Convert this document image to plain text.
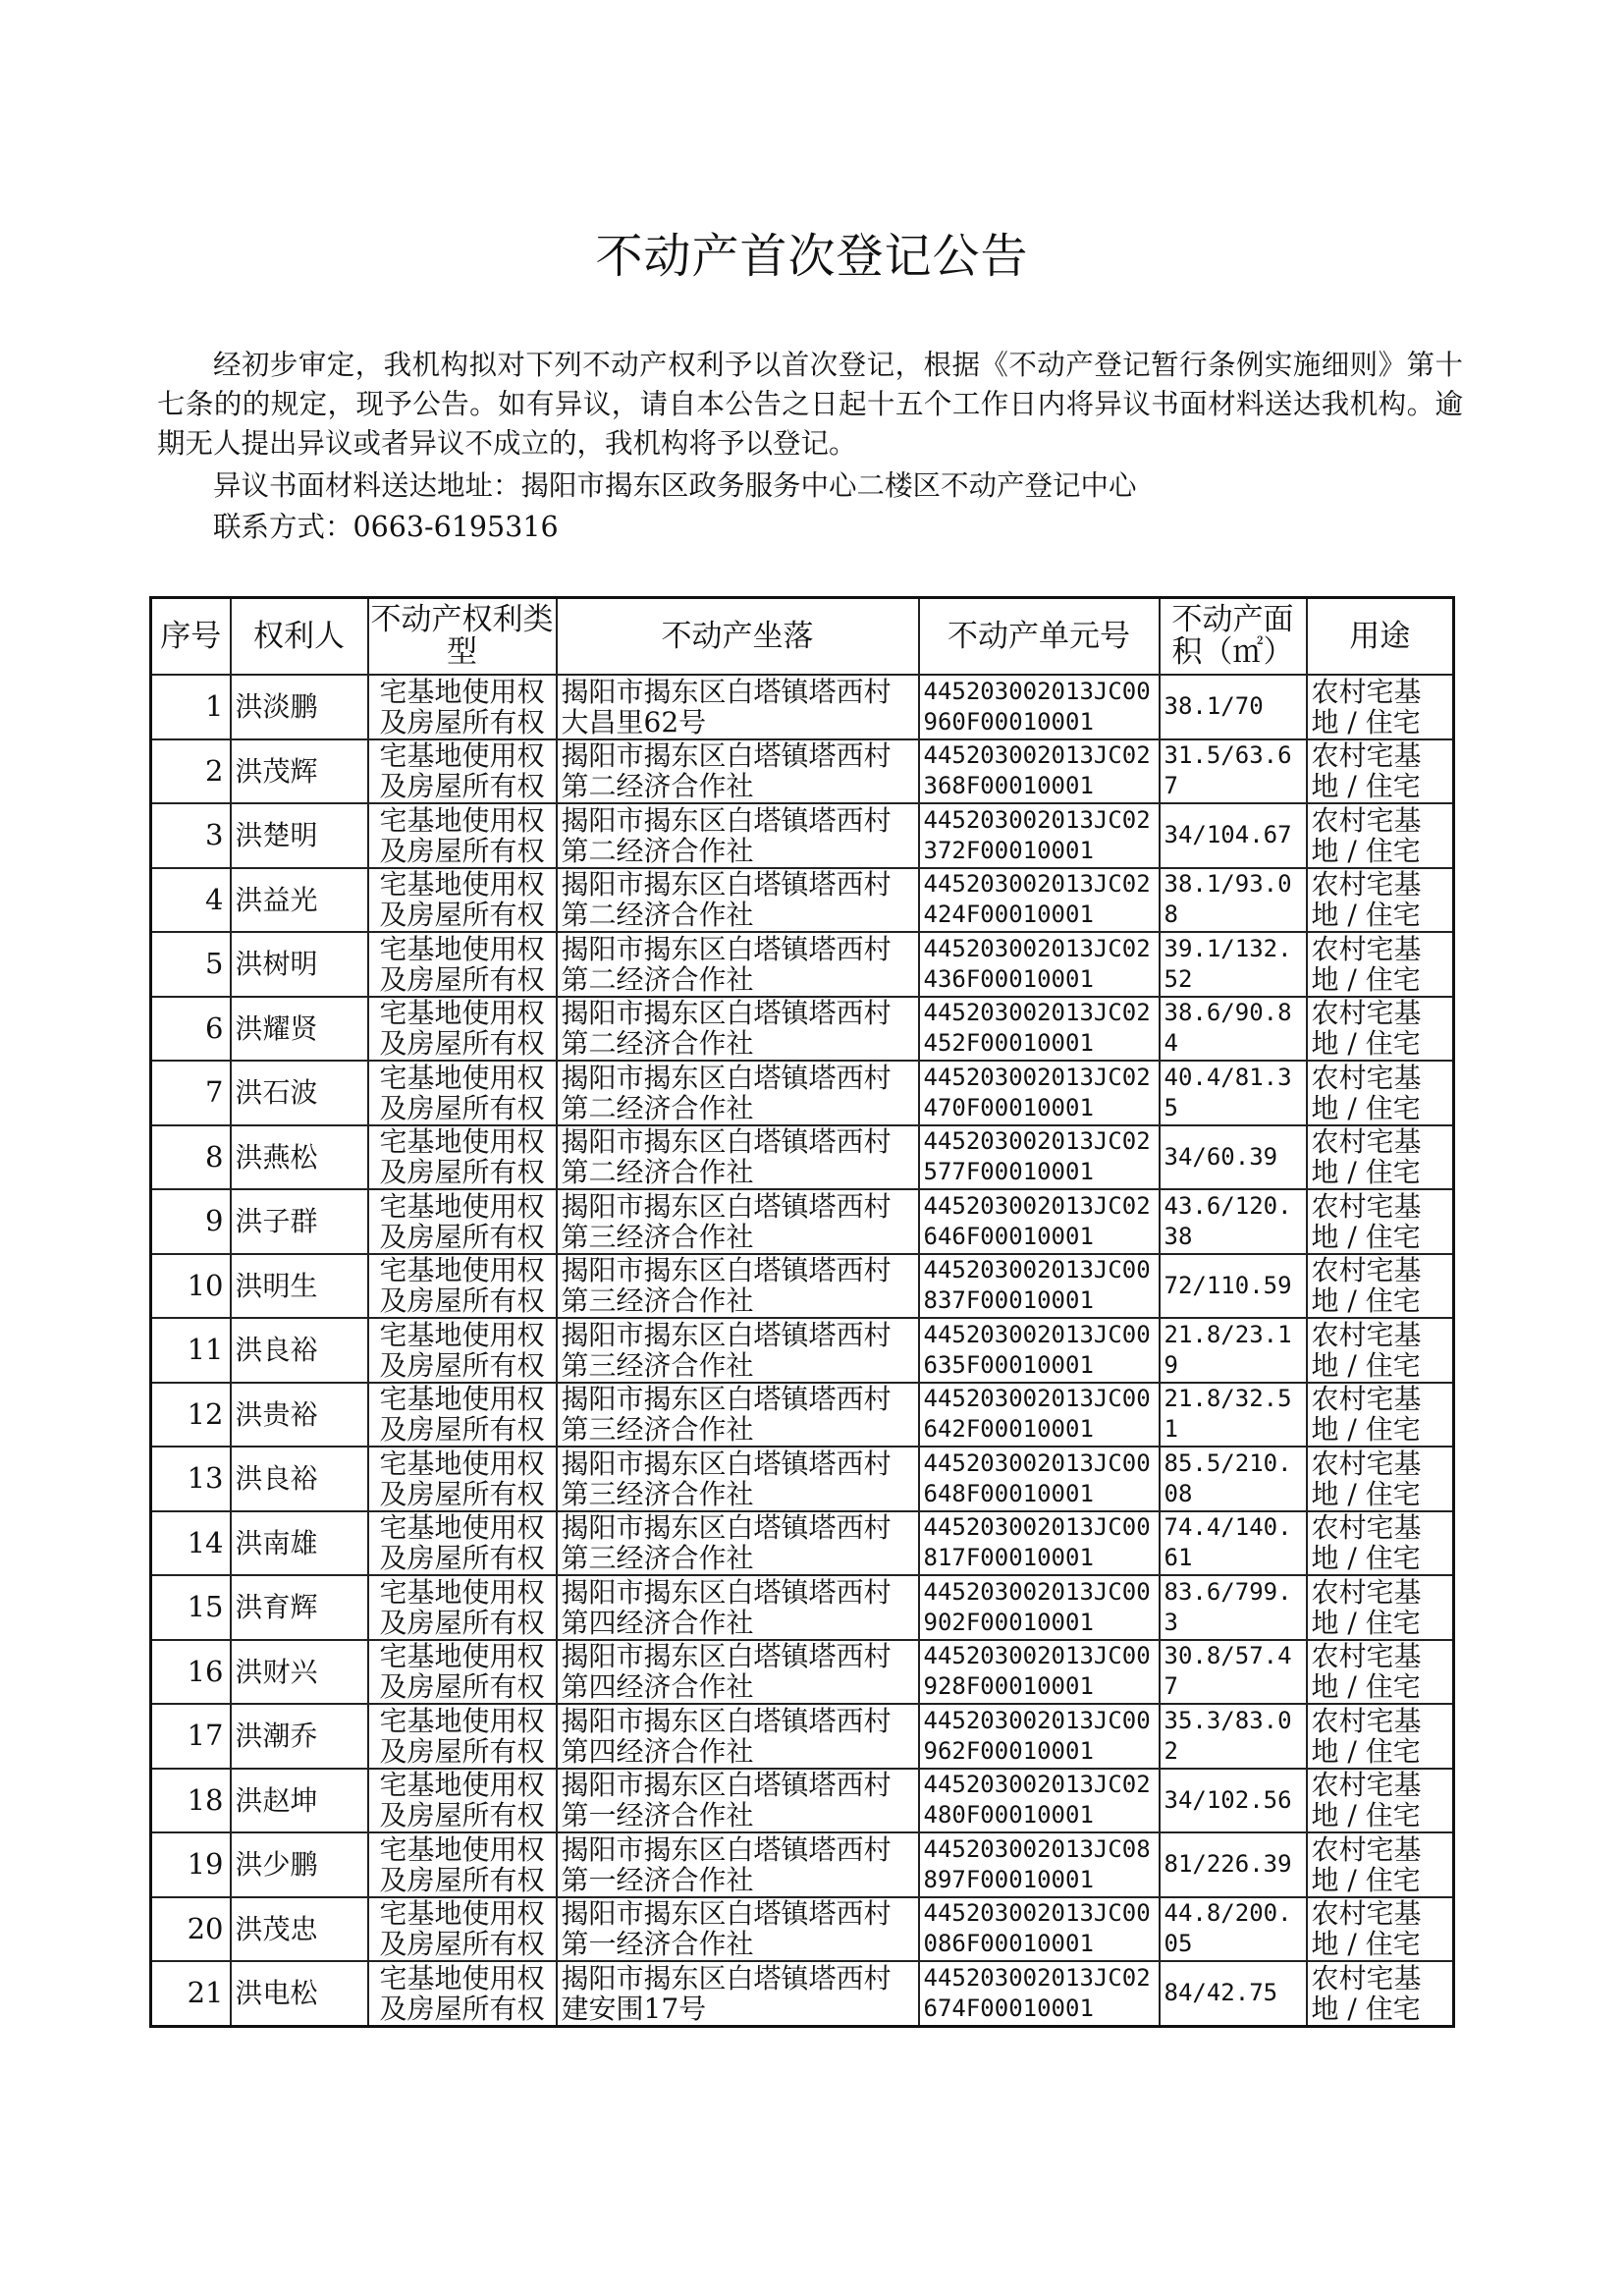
不动产首次登记公告
经初步审定，我机构拟对下列不动产权利予以首次登记，根据《不动产登记暂行条例实施细则》第十七条的的规定，现予公告。如有异议，请自本公告之日起十五个工作日内将异议书面材料送达我机构。逾期无人提出异议或者异议不成立的，我机构将予以登记。
异议书面材料送达地址：揭阳市揭东区政务服务中心二楼区不动产登记中心
联系方式：0663-6195316
序号	权利人	不动产权利类型	不动产坐落	不动产单元号	不动产面积（㎡）	用途
1	洪淡鹏	宅基地使用权及房屋所有权	揭阳市揭东区白塔镇塔西村大昌里62号	445203002013JC00960F00010001	38.1/70	农村宅基地 / 住宅
2	洪茂辉	宅基地使用权及房屋所有权	揭阳市揭东区白塔镇塔西村第二经济合作社	445203002013JC02368F00010001	31.5/63.67	农村宅基地 / 住宅
3	洪楚明	宅基地使用权及房屋所有权	揭阳市揭东区白塔镇塔西村第二经济合作社	445203002013JC02372F00010001	34/104.67	农村宅基地 / 住宅
4	洪益光	宅基地使用权及房屋所有权	揭阳市揭东区白塔镇塔西村第二经济合作社	445203002013JC02424F00010001	38.1/93.08	农村宅基地 / 住宅
5	洪树明	宅基地使用权及房屋所有权	揭阳市揭东区白塔镇塔西村第二经济合作社	445203002013JC02436F00010001	39.1/132.52	农村宅基地 / 住宅
6	洪耀贤	宅基地使用权及房屋所有权	揭阳市揭东区白塔镇塔西村第二经济合作社	445203002013JC02452F00010001	38.6/90.84	农村宅基地 / 住宅
7	洪石波	宅基地使用权及房屋所有权	揭阳市揭东区白塔镇塔西村第二经济合作社	445203002013JC02470F00010001	40.4/81.35	农村宅基地 / 住宅
8	洪燕松	宅基地使用权及房屋所有权	揭阳市揭东区白塔镇塔西村第二经济合作社	445203002013JC02577F00010001	34/60.39	农村宅基地 / 住宅
9	洪子群	宅基地使用权及房屋所有权	揭阳市揭东区白塔镇塔西村第三经济合作社	445203002013JC02646F00010001	43.6/120.38	农村宅基地 / 住宅
10	洪明生	宅基地使用权及房屋所有权	揭阳市揭东区白塔镇塔西村第三经济合作社	445203002013JC00837F00010001	72/110.59	农村宅基地 / 住宅
11	洪良裕	宅基地使用权及房屋所有权	揭阳市揭东区白塔镇塔西村第三经济合作社	445203002013JC00635F00010001	21.8/23.19	农村宅基地 / 住宅
12	洪贵裕	宅基地使用权及房屋所有权	揭阳市揭东区白塔镇塔西村第三经济合作社	445203002013JC00642F00010001	21.8/32.51	农村宅基地 / 住宅
13	洪良裕	宅基地使用权及房屋所有权	揭阳市揭东区白塔镇塔西村第三经济合作社	445203002013JC00648F00010001	85.5/210.08	农村宅基地 / 住宅
14	洪南雄	宅基地使用权及房屋所有权	揭阳市揭东区白塔镇塔西村第三经济合作社	445203002013JC00817F00010001	74.4/140.61	农村宅基地 / 住宅
15	洪育辉	宅基地使用权及房屋所有权	揭阳市揭东区白塔镇塔西村第四经济合作社	445203002013JC00902F00010001	83.6/799.3	农村宅基地 / 住宅
16	洪财兴	宅基地使用权及房屋所有权	揭阳市揭东区白塔镇塔西村第四经济合作社	445203002013JC00928F00010001	30.8/57.47	农村宅基地 / 住宅
17	洪潮乔	宅基地使用权及房屋所有权	揭阳市揭东区白塔镇塔西村第四经济合作社	445203002013JC00962F00010001	35.3/83.02	农村宅基地 / 住宅
18	洪赵坤	宅基地使用权及房屋所有权	揭阳市揭东区白塔镇塔西村第一经济合作社	445203002013JC02480F00010001	34/102.56	农村宅基地 / 住宅
19	洪少鹏	宅基地使用权及房屋所有权	揭阳市揭东区白塔镇塔西村第一经济合作社	445203002013JC08897F00010001	81/226.39	农村宅基地 / 住宅
20	洪茂忠	宅基地使用权及房屋所有权	揭阳市揭东区白塔镇塔西村第一经济合作社	445203002013JC00086F00010001	44.8/200.05	农村宅基地 / 住宅
21	洪电松	宅基地使用权及房屋所有权	揭阳市揭东区白塔镇塔西村建安围17号	445203002013JC02674F00010001	84/42.75	农村宅基地 / 住宅
